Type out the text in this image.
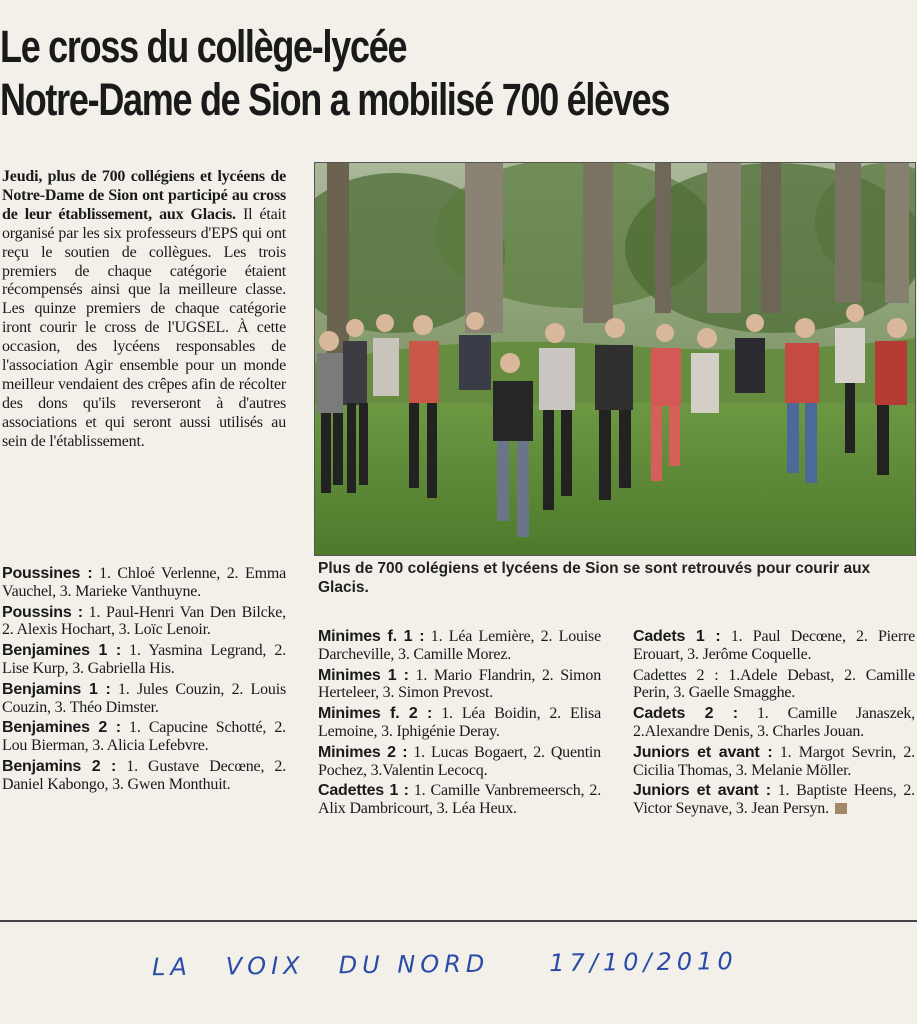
Le cross du collège-lycée
Notre-Dame de Sion a mobilisé 700 élèves
Jeudi, plus de 700 collégiens et lycéens de Notre-Dame de Sion ont participé au cross de leur établissement, aux Glacis. Il était organisé par les six professeurs d'EPS qui ont reçu le soutien de collègues. Les trois premiers de chaque catégorie étaient récompensés ainsi que la meilleure classe. Les quinze premiers de chaque catégorie iront courir le cross de l'UGSEL. À cette occasion, des lycéens responsables de l'association Agir ensemble pour un monde meilleur vendaient des crêpes afin de récolter des dons qu'ils reverseront à d'autres associations et qui seront aussi utilisés au sein de l'établissement.
Plus de 700 colégiens et lycéens de Sion se sont retrouvés pour courir aux Glacis.

Poussines : 1. Chloé Verlenne, 2. Emma Vauchel, 3. Marieke Vanthuyne.

Poussins : 1. Paul-Henri Van Den Bilcke, 2. Alexis Hochart, 3. Loïc Lenoir.

Benjamines 1 : 1. Yasmina Legrand, 2. Lise Kurp, 3. Gabriella His.

Benjamins 1 : 1. Jules Couzin, 2. Louis Couzin, 3. Théo Dimster.

Benjamines 2 : 1. Capucine Schotté, 2. Lou Bierman, 3. Alicia Lefebvre.

Benjamins 2 : 1. Gustave Decœne, 2. Daniel Kabongo, 3. Gwen Monthuit.

Minimes f. 1 : 1. Léa Lemière, 2. Louise Darcheville, 3. Camille Morez.

Minimes 1 : 1. Mario Flandrin, 2. Simon Herteleer, 3. Simon Prevost.

Minimes f. 2 : 1. Léa Boidin, 2. Elisa Lemoine, 3. Iphigénie Deray.

Minimes 2 : 1. Lucas Bogaert, 2. Quentin Pochez, 3.Valentin Lecocq.

Cadettes 1 : 1. Camille Vanbremeersch, 2. Alix Dambricourt, 3. Léa Heux.

Cadets 1 : 1. Paul Decœne, 2. Pierre Erouart, 3. Jerôme Coquelle.

Cadettes 2 : 1.Adele Debast, 2. Camille Perin, 3. Gaelle Smagghe.

Cadets 2 : 1. Camille Janaszek, 2.Alexandre Denis, 3. Charles Jouan.

Juniors et avant : 1. Margot Sevrin, 2. Cicilia Thomas, 3. Melanie Möller.

Juniors et avant : 1. Baptiste Heens, 2. Victor Seynave, 3. Jean Persyn.

LA VOIX DU NORD 17/10/2010
